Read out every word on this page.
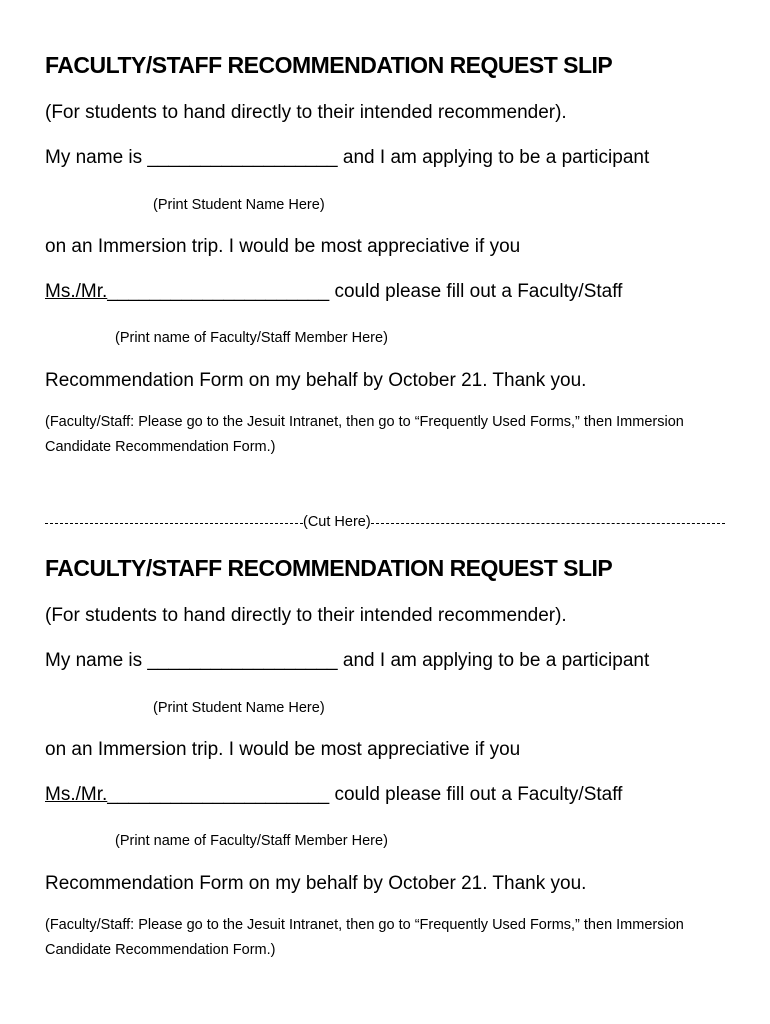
FACULTY/STAFF RECOMMENDATION REQUEST SLIP
(For students to hand directly to their intended recommender).
My name is __________________ and I am applying to be a participant
(Print Student Name Here)
on an Immersion trip. I would be most appreciative if you
Ms./Mr._____________________ could please fill out a Faculty/Staff
(Print name of Faculty/Staff Member Here)
Recommendation Form on my behalf by October 21. Thank you.
(Faculty/Staff: Please go to the Jesuit Intranet, then go to “Frequently Used Forms,” then Immersion Candidate Recommendation Form.)
(Cut Here)
FACULTY/STAFF RECOMMENDATION REQUEST SLIP
(For students to hand directly to their intended recommender).
My name is __________________ and I am applying to be a participant
(Print Student Name Here)
on an Immersion trip. I would be most appreciative if you
Ms./Mr._____________________ could please fill out a Faculty/Staff
(Print name of Faculty/Staff Member Here)
Recommendation Form on my behalf by October 21. Thank you.
(Faculty/Staff: Please go to the Jesuit Intranet, then go to “Frequently Used Forms,” then Immersion Candidate Recommendation Form.)
